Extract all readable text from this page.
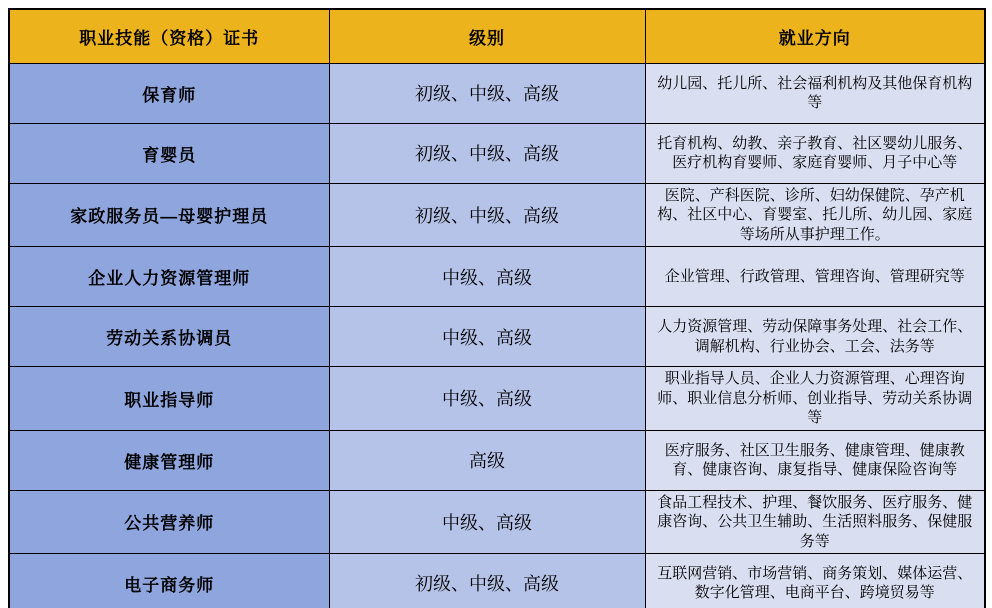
职业技能（资格）证书	级别	就业方向
保育师	初级、中级、高级	幼儿园、托儿所、社会福利机构及其他保育机构等
育婴员	初级、中级、高级	托育机构、幼教、亲子教育、社区婴幼儿服务、医疗机构育婴师、家庭育婴师、月子中心等
家政服务员—母婴护理员	初级、中级、高级	医院、产科医院、诊所、妇幼保健院、孕产机构、社区中心、育婴室、托儿所、幼儿园、家庭等场所从事护理工作。
企业人力资源管理师	中级、高级	企业管理、行政管理、管理咨询、管理研究等
劳动关系协调员	中级、高级	人力资源管理、劳动保障事务处理、社会工作、调解机构、行业协会、工会、法务等
职业指导师	中级、高级	职业指导人员、企业人力资源管理、心理咨询师、职业信息分析师、创业指导、劳动关系协调等
健康管理师	高级	医疗服务、社区卫生服务、健康管理、健康教育、健康咨询、康复指导、健康保险咨询等
公共营养师	中级、高级	食品工程技术、护理、餐饮服务、医疗服务、健康咨询、公共卫生辅助、生活照料服务、保健服务等
电子商务师	初级、中级、高级	互联网营销、市场营销、商务策划、媒体运营、数字化管理、电商平台、跨境贸易等
